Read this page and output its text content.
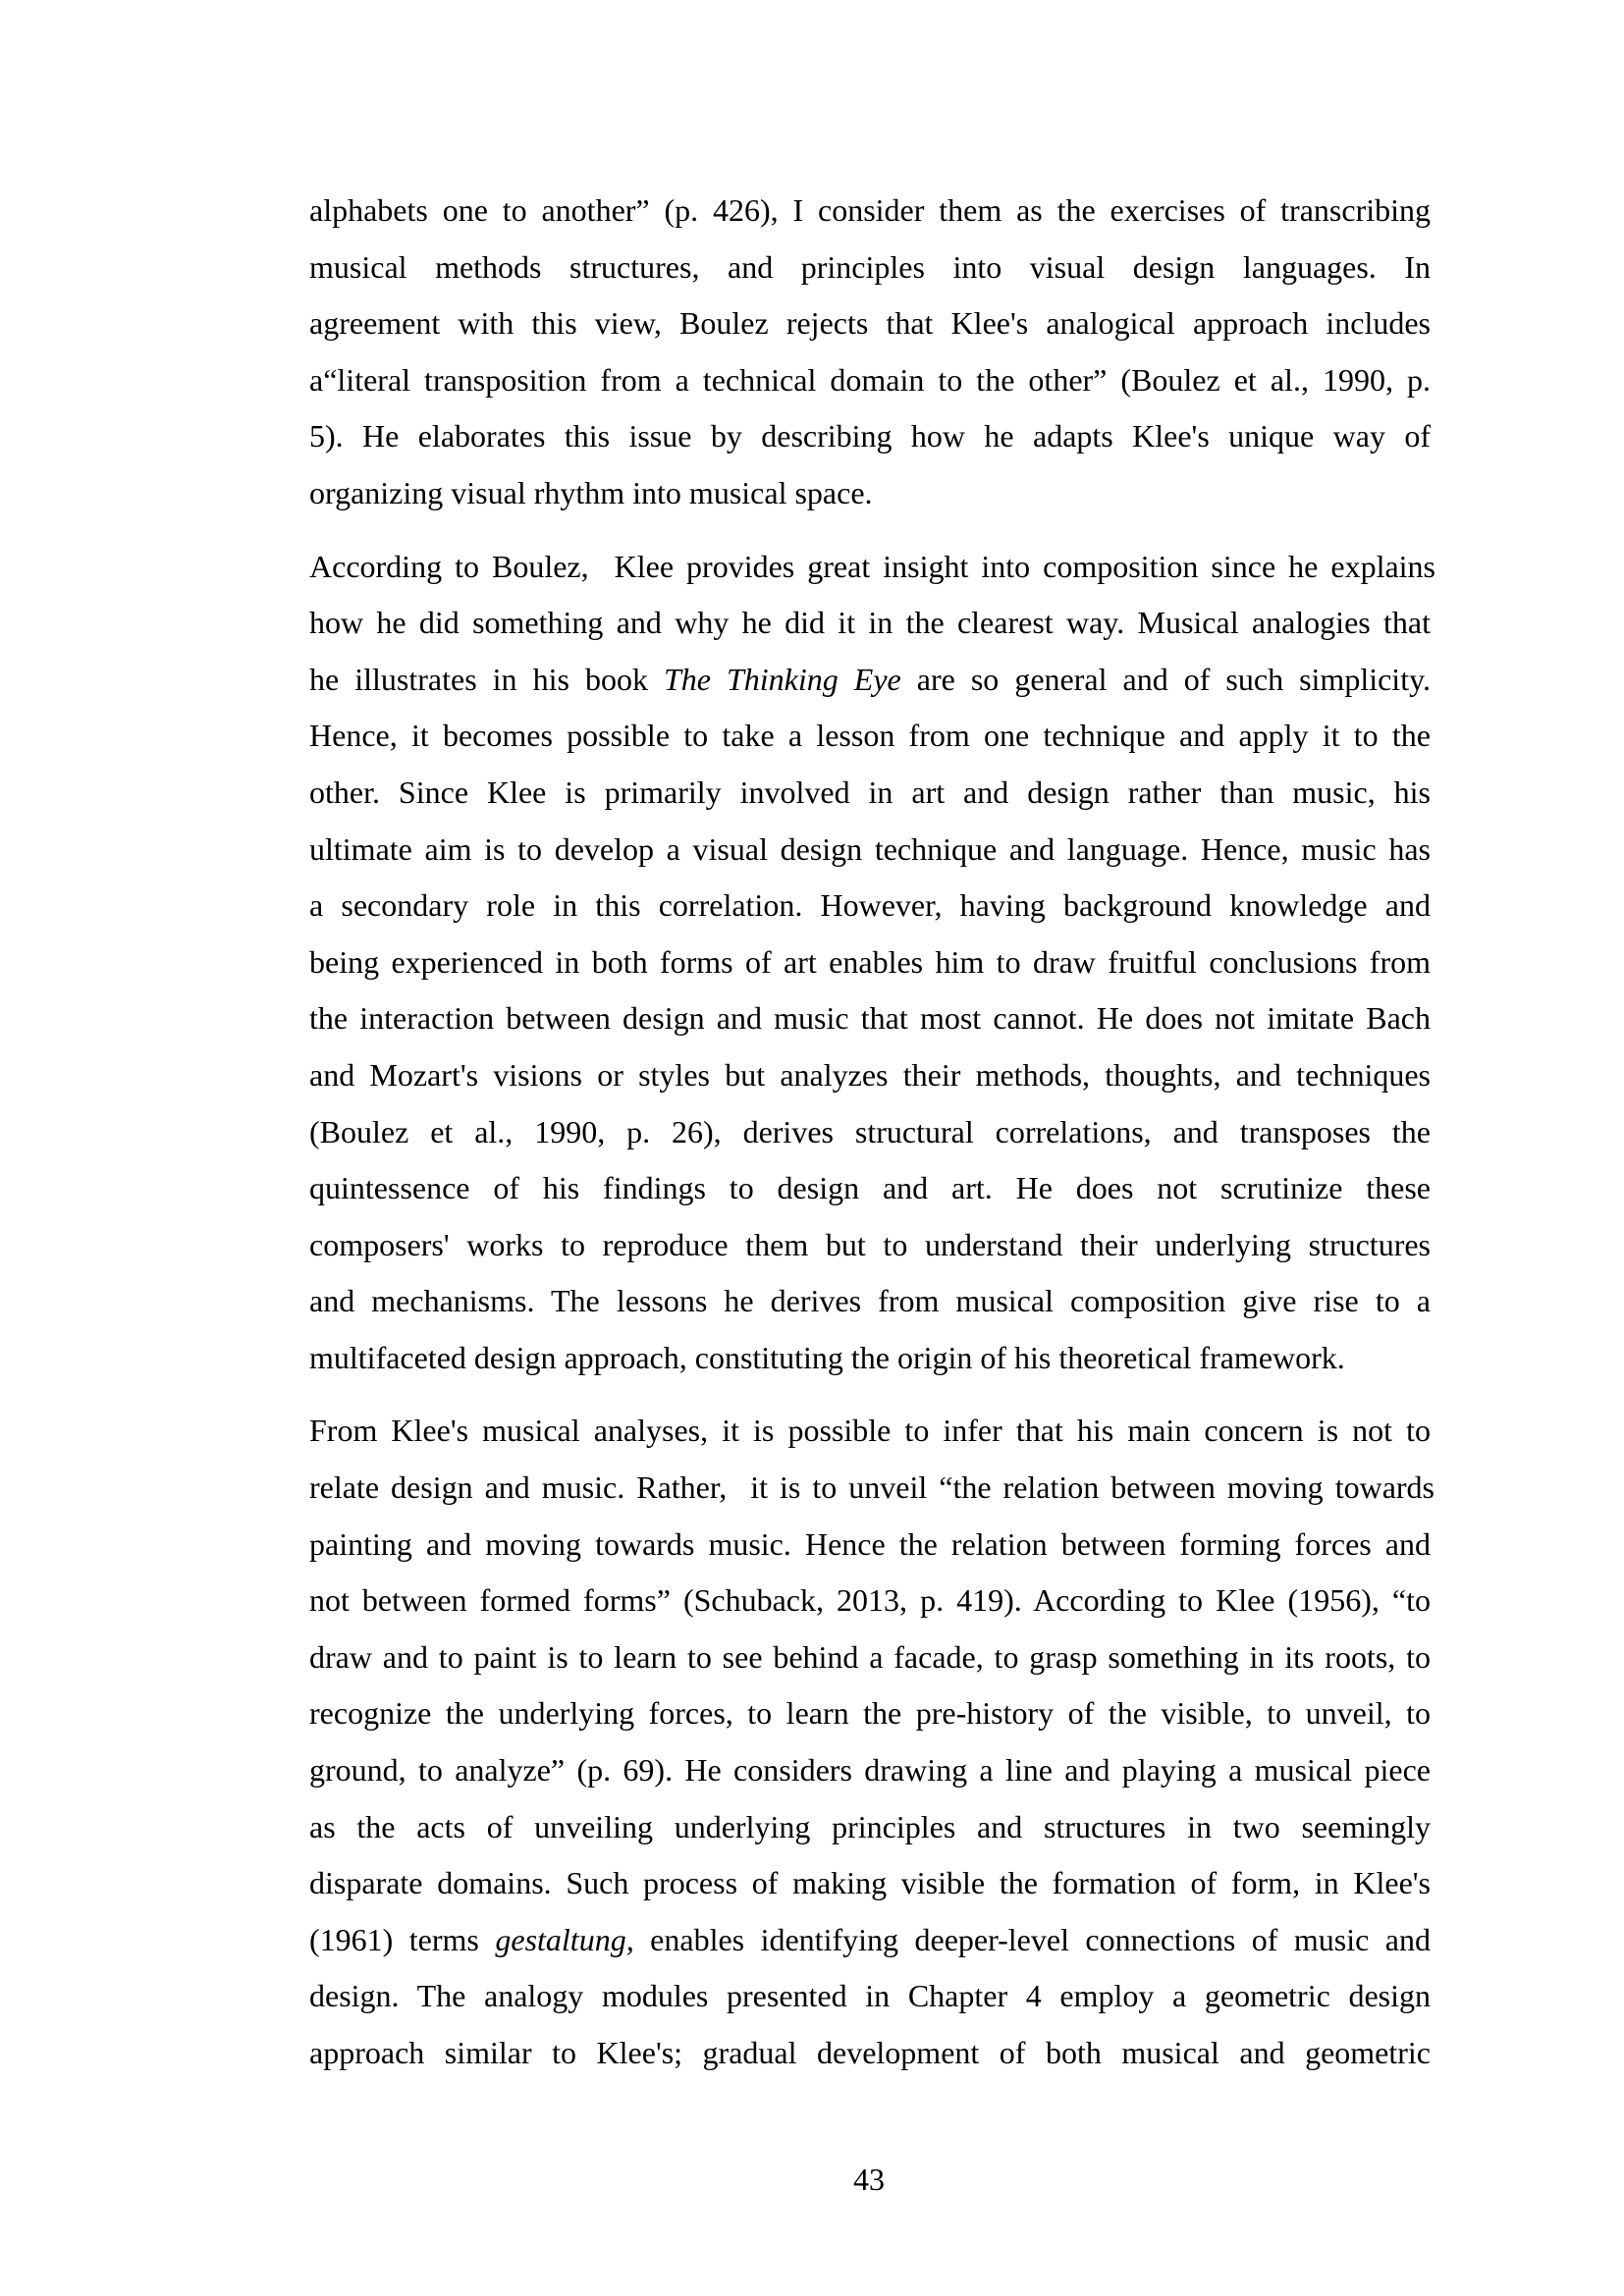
alphabets one to another” (p. 426), I consider them as the exercises of transcribing
musical methods structures, and principles into visual design languages. In
agreement with this view, Boulez rejects that Klee's analogical approach includes
a“literal transposition from a technical domain to the other” (Boulez et al., 1990, p.
5). He elaborates this issue by describing how he adapts Klee's unique way of
organizing visual rhythm into musical space.

According to Boulez,  Klee provides great insight into composition since he explains
how he did something and why he did it in the clearest way. Musical analogies that
he illustrates in his book The Thinking Eye are so general and of such simplicity.
Hence, it becomes possible to take a lesson from one technique and apply it to the
other. Since Klee is primarily involved in art and design rather than music, his
ultimate aim is to develop a visual design technique and language. Hence, music has
a secondary role in this correlation. However, having background knowledge and
being experienced in both forms of art enables him to draw fruitful conclusions from
the interaction between design and music that most cannot. He does not imitate Bach
and Mozart's visions or styles but analyzes their methods, thoughts, and techniques
(Boulez et al., 1990, p. 26), derives structural correlations, and transposes the
quintessence of his findings to design and art. He does not scrutinize these
composers' works to reproduce them but to understand their underlying structures
and mechanisms. The lessons he derives from musical composition give rise to a
multifaceted design approach, constituting the origin of his theoretical framework.

From Klee's musical analyses, it is possible to infer that his main concern is not to
relate design and music. Rather,  it is to unveil “the relation between moving towards
painting and moving towards music. Hence the relation between forming forces and
not between formed forms” (Schuback, 2013, p. 419). According to Klee (1956), “to
draw and to paint is to learn to see behind a facade, to grasp something in its roots, to
recognize the underlying forces, to learn the pre-history of the visible, to unveil, to
ground, to analyze” (p. 69). He considers drawing a line and playing a musical piece
as the acts of unveiling underlying principles and structures in two seemingly
disparate domains. Such process of making visible the formation of form, in Klee's
(1961) terms gestaltung, enables identifying deeper-level connections of music and
design. The analogy modules presented in Chapter 4 employ a geometric design
approach similar to Klee's; gradual development of both musical and geometric

43
